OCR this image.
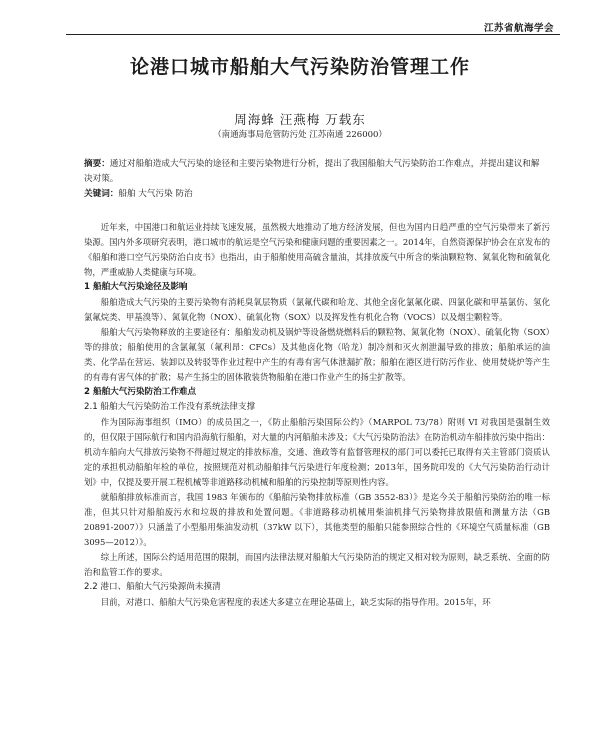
江苏省航海学会
论港口城市船舶大气污染防治管理工作
周海蜂 汪燕梅 万载东
（南通海事局危管防污处 江苏南通 226000）
摘要：通过对船舶造成大气污染的途径和主要污染物进行分析，提出了我国船舶大气污染防治工作难点，并提出建议和解决对策。
关键词：船舶 大气污染 防治

近年来，中国港口和航运业持续飞速发展，虽然极大地推动了地方经济发展，但也为国内日趋严重的空气污染带来了新污染源。国内外多项研究表明，港口城市的航运是空气污染和健康问题的重要因素之一。2014年，自然资源保护协会在京发布的《船舶和港口空气污染防治白皮书》也指出，由于船舶使用高硫含量油，其排放废气中所含的柴油颗粒物、氮氧化物和硫氧化物，严重威胁人类健康与环境。

1 船舶大气污染途径及影响

船舶造成大气污染的主要污染物有消耗臭氧层物质（氯氟代碳和哈龙、其他全卤化氯氟化碳、四氯化碳和甲基氯仿、氢化氯氟烷类、甲基溴等）、氮氧化物（NOX）、硫氧化物（SOX）以及挥发性有机化合物（VOCS）以及烟尘颗粒等。

船舶大气污染物释放的主要途径有：船舶发动机及锅炉等设备燃烧燃料后的颗粒物、氮氧化物（NOX）、硫氧化物（SOX）等的排放；船舶使用的含氯氟氢（氟利昂：CFCs）及其他卤化物（哈龙）制冷剂和灭火剂泄漏导致的排放；船舶承运的油类、化学品在营运、装卸以及转驳等作业过程中产生的有毒有害气体泄漏扩散；船舶在港区进行防污作业、使用焚烧炉等产生的有毒有害气体的扩散；易产生扬尘的固体散装货物船舶在港口作业产生的扬尘扩散等。

2 船舶大气污染防治工作难点
2.1 船舶大气污染防治工作没有系统法律支撑

作为国际海事组织（IMO）的成员国之一，《防止船舶污染国际公约》（MARPOL 73/78）附则 VI 对我国是强制生效的，但仅限于国际航行和国内沿海航行船舶，对大量的内河船舶未涉及；《大气污染防治法》在防治机动车船排放污染中指出：机动车船向大气排放污染物不得超过规定的排放标准，交通、渔政等有监督管理权的部门可以委托已取得有关主管部门资质认定的承担机动船舶年检的单位，按照规范对机动船舶排气污染进行年度检测；2013年，国务院印发的《大气污染防治行动计划》中，仅提及要开展工程机械等非道路移动机械和船舶的污染控制等原则性内容。

就船舶排放标准而言，我国 1983 年颁布的《船舶污染物排放标准（GB 3552-83）》是迄今关于船舶污染防治的唯一标准，但其只针对船舶废污水和垃圾的排放和处置问题。《非道路移动机械用柴油机排气污染物排放限值和测量方法（GB 20891-2007）》只涵盖了小型船用柴油发动机（37kW 以下），其他类型的船舶只能参照综合性的《环境空气质量标准（GB 3095—2012）》。

综上所述，国际公约适用范围的限制，而国内法律法规对船舶大气污染防治的规定又相对较为原则，缺乏系统、全面的防治和监管工作的要求。

2.2 港口、船舶大气污染源尚未摸清

目前，对港口、船舶大气污染危害程度的表述大多建立在理论基础上，缺乏实际的指导作用。2015年，环
